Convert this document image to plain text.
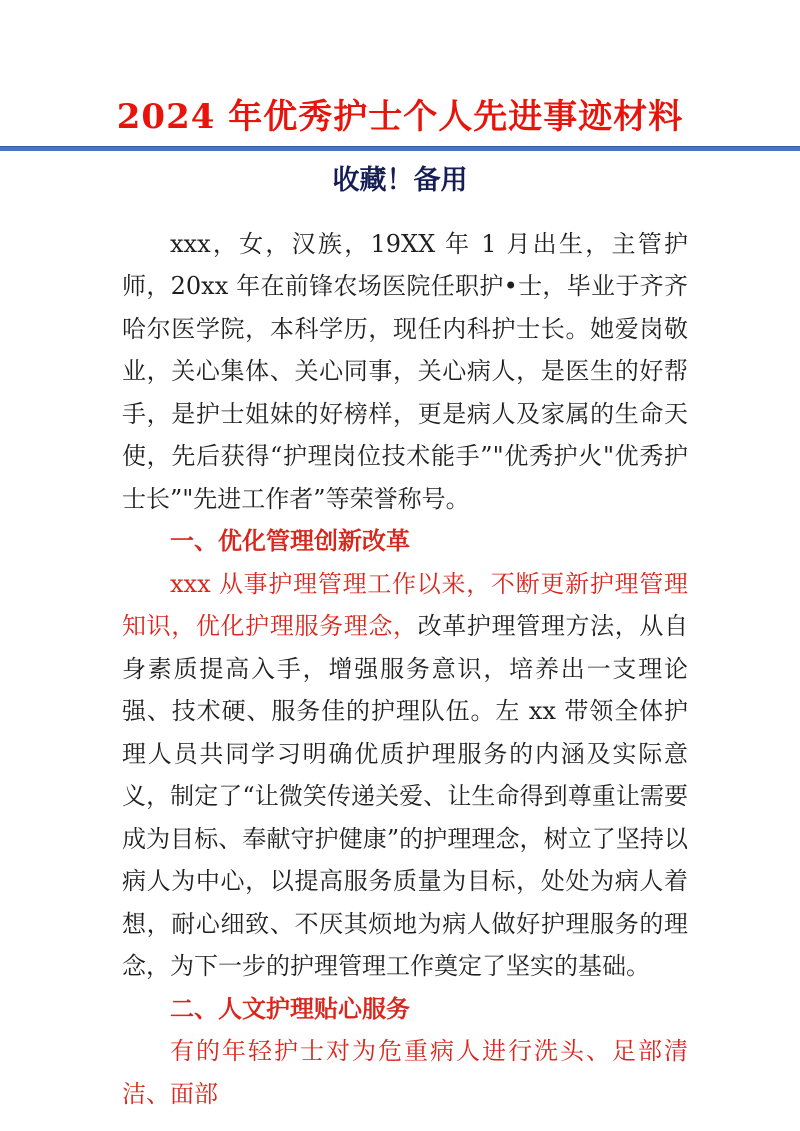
2024 年优秀护士个人先进事迹材料
收藏！备用

xxx，女，汉族，19XX 年 1 月出生，主管护师，20xx 年在前锋农场医院任职护•士，毕业于齐齐哈尔医学院，本科学历，现任内科护士长。她爱岗敬业，关心集体、关心同事，关心病人，是医生的好帮手，是护士姐妹的好榜样，更是病人及家属的生命天使，先后获得“护理岗位技术能手”"优秀护火"优秀护士长”"先进工作者”等荣誉称号。

一、优化管理创新改革

xxx 从事护理管理工作以来，不断更新护理管理知识，优化护理服务理念，改革护理管理方法，从自身素质提高入手，增强服务意识，培养出一支理论强、技术硬、服务佳的护理队伍。左 xx 带领全体护理人员共同学习明确优质护理服务的内涵及实际意义，制定了“让微笑传递关爱、让生命得到尊重让需要成为目标、奉献守护健康”的护理理念，树立了坚持以病人为中心，以提高服务质量为目标，处处为病人着想，耐心细致、不厌其烦地为病人做好护理服务的理念，为下一步的护理管理工作奠定了坚实的基础。

二、人文护理贴心服务

有的年轻护士对为危重病人进行洗头、足部清洁、面部
